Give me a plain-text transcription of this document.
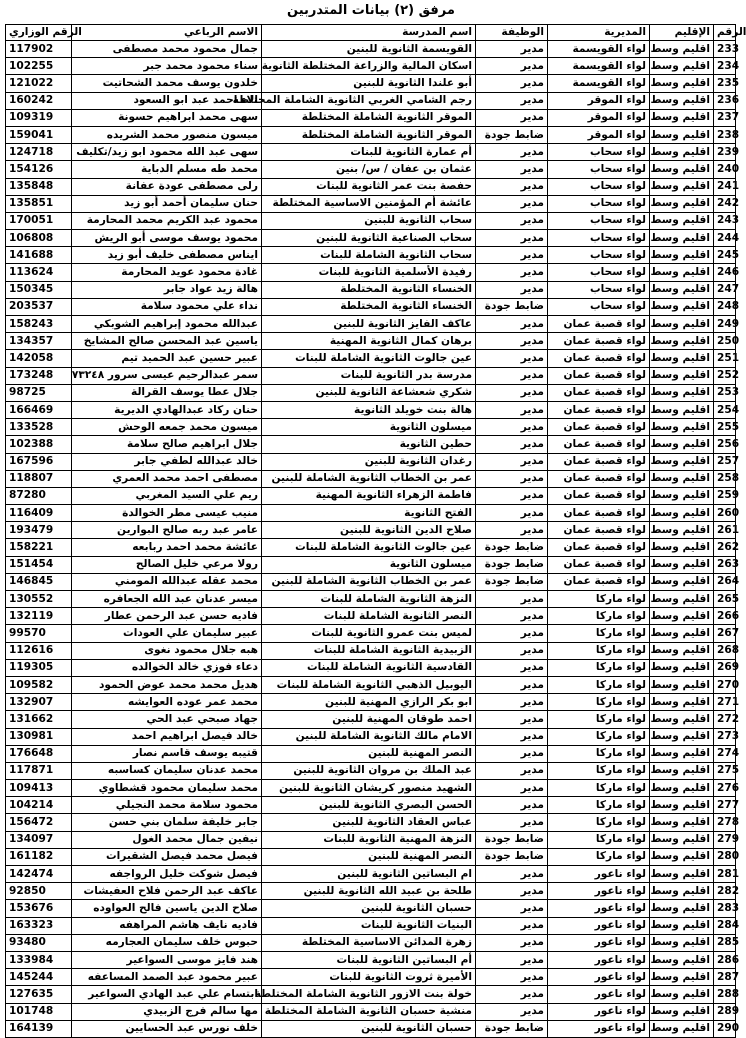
مرفق (٢) بيانات المتدربين
الرقم	الإقليم	المديرية	الوظيفة	اسم المدرسة	الاسم الرباعي	الرقم الوزاري
233	اقليم وسط	لواء القويسمة	مدير	القويسمة الثانوية للبنين	جمال محمود محمد مصطفى	117902
234	اقليم وسط	لواء القويسمة	مدير	اسكان المالية والزراعة المختلطة الثانوية	سناء محمود محمد جبر	102255
235	اقليم وسط	لواء القويسمة	مدير	أبو علندا الثانوية للبنين	خلدون يوسف محمد الشحاتيت	121022
236	اقليم وسط	لواء الموقر	مدير	رجم الشامي الغربي الثانوية الشاملة المختلطة	الاء احمد عبد ابو السعود	160242
237	اقليم وسط	لواء الموقر	مدير	الموقر الثانوية الشاملة المختلطة	سهى محمد ابراهيم حسونة	109319
238	اقليم وسط	لواء الموقر	ضابط جودة	الموقر الثانوية الشاملة المختلطة	ميسون منصور محمد الشريده	159041
239	اقليم وسط	لواء سحاب	مدير	أم عمارة الثانوية للبنات	سهى عبد الله محمود ابو زيد/تكليف	124718
240	اقليم وسط	لواء سحاب	مدير	عثمان بن عفان / س/ بنين	محمد طه مسلم الدباية	154126
241	اقليم وسط	لواء سحاب	مدير	حفصة بنت عمر الثانوية للبنات	رلى مصطفى عودة عفانة	135848
242	اقليم وسط	لواء سحاب	مدير	عائشة أم المؤمنين الاساسية المختلطة	حنان سليمان أحمد أبو زيد	135851
243	اقليم وسط	لواء سحاب	مدير	سحاب الثانوية للبنين	محمود عبد الكريم محمد المحارمة	170051
244	اقليم وسط	لواء سحاب	مدير	سحاب الصناعية الثانوية للبنين	محمود يوسف موسى أبو الريش	106808
245	اقليم وسط	لواء سحاب	مدير	سحاب الثانوية الشاملة للبنات	ايناس مصطفى خليف أبو زيد	141688
246	اقليم وسط	لواء سحاب	مدير	رفيدة الأسلمية الثانوية للبنات	غادة محمود عويد المحارمة	113624
247	اقليم وسط	لواء سحاب	مدير	الخنساء الثانوية المختلطة	هالة زيد عواد جابر	150345
248	اقليم وسط	لواء سحاب	ضابط جودة	الخنساء الثانوية المختلطة	نداء علي محمود سلامة	203537
249	اقليم وسط	لواء قصبة عمان	مدير	عاكف الفايز الثانوية للبنين	عبدالله محمود إبراهيم الشوبكي	158243
250	اقليم وسط	لواء قصبة عمان	مدير	برهان كمال الثانوية المهنية	ياسين عبد المحسن صالح المشايخ	134357
251	اقليم وسط	لواء قصبة عمان	مدير	عين جالوت الثانوية الشاملة للبنات	عبير حسين عبد الحميد تيم	142058
252	اقليم وسط	لواء قصبة عمان	مدير	مدرسة بدر الثانوية للبنات	سمر عبدالرحيم عيسى سرور ٧٣٢٤٨	173248
253	اقليم وسط	لواء قصبة عمان	مدير	شكري شعشاعة الثانوية للبنين	جلال عطا يوسف القرالة	98725
254	اقليم وسط	لواء قصبة عمان	مدير	هالة بنت خويلد الثانوية	حنان ركاد عبدالهادي الديرية	166469
255	اقليم وسط	لواء قصبة عمان	مدير	ميسلون الثانوية	ميسون محمد جمعه الوحش	133528
256	اقليم وسط	لواء قصبة عمان	مدير	حطين الثانوية	جلال ابراهيم صالح سلامة	102388
257	اقليم وسط	لواء قصبة عمان	مدير	رغدان الثانوية للبنين	خالد عبدالله لطفي جابر	167596
258	اقليم وسط	لواء قصبة عمان	مدير	عمر بن الخطاب الثانوية الشاملة للبنين	مصطفى احمد محمد العمري	118807
259	اقليم وسط	لواء قصبة عمان	مدير	فاطمة الزهراء الثانوية المهنية	ريم علي السيد المغربي	87280
260	اقليم وسط	لواء قصبة عمان	مدير	الفتح الثانوية	منيب عيسى مطر الخوالدة	116409
261	اقليم وسط	لواء قصبة عمان	مدير	صلاح الدين الثانوية للبنين	عامر عبد ربه صالح البوارين	193479
262	اقليم وسط	لواء قصبة عمان	ضابط جودة	عين جالوت الثانوية الشاملة للبنات	عائشة محمد احمد ربابعه	158221
263	اقليم وسط	لواء قصبة عمان	ضابط جودة	ميسلون الثانوية	رولا مرعي خليل الصالح	151454
264	اقليم وسط	لواء قصبة عمان	ضابط جودة	عمر بن الخطاب الثانوية الشاملة للبنين	محمد عقله عبدالله المومني	146845
265	اقليم وسط	لواء ماركا	مدير	النزهة الثانوية الشاملة للبنات	ميسر عدنان عبد الله الجعافره	130552
266	اقليم وسط	لواء ماركا	مدير	النصر الثانوية الشاملة للبنات	فاديه حسن عبد الرحمن عطار	132119
267	اقليم وسط	لواء ماركا	مدير	لميس بنت عمرو الثانوية للبنات	عبير سليمان علي العودات	99570
268	اقليم وسط	لواء ماركا	مدير	الزبيدية الثانوية الشاملة للبنات	هبه جلال محمود نغوى	112616
269	اقليم وسط	لواء ماركا	مدير	القادسية الثانوية الشاملة للبنات	دعاء فوزي خالد الخوالده	119305
270	اقليم وسط	لواء ماركا	مدير	اليوبيل الذهبي الثانوية الشاملة للبنات	هديل محمد محمد عوض الحمود	109582
271	اقليم وسط	لواء ماركا	مدير	ابو بكر الرازي المهنية للبنين	محمد عمر عوده العوايشه	132907
272	اقليم وسط	لواء ماركا	مدير	احمد طوقان المهنية للبنين	جهاد صبحي عبد الحي	131662
273	اقليم وسط	لواء ماركا	مدير	الامام مالك الثانوية الشاملة للبنين	خالد فيصل ابراهيم احمد	130981
274	اقليم وسط	لواء ماركا	مدير	النصر المهنية للبنين	قتيبه يوسف قاسم نصار	176648
275	اقليم وسط	لواء ماركا	مدير	عبد الملك بن مروان الثانوية للبنين	محمد عدنان سليمان كساسبه	117871
276	اقليم وسط	لواء ماركا	مدير	الشهيد منصور كريشان الثانوية للبنين	محمد سليمان محمود قشطاوي	109413
277	اقليم وسط	لواء ماركا	مدير	الحسن البصري الثانوية للبنين	محمود سلامة محمد النجيلي	104214
278	اقليم وسط	لواء ماركا	مدير	عباس العقاد الثانوية للبنين	جابر خليفة سلمان بني حسن	156472
279	اقليم وسط	لواء ماركا	ضابط جودة	النزهة المهنية الثانوية للبنات	نيفين جمال محمد الغول	134097
280	اقليم وسط	لواء ماركا	ضابط جودة	النصر المهنية للبنين	فيصل محمد فيصل الشقيرات	161182
281	اقليم وسط	لواء ناعور	مدير	ام البساتين الثانوية للبنين	فيصل شوكت خليل الرواجفه	142474
282	اقليم وسط	لواء ناعور	مدير	طلحة بن عبيد الله الثانوية للبنين	عاكف عبد الرحمن فلاح العفيشات	92850
283	اقليم وسط	لواء ناعور	مدير	حسبان الثانوية للبنين	صلاح الدين ياسين فالح العواوده	153676
284	اقليم وسط	لواء ناعور	مدير	البنيات الثانوية للبنات	فاديه نايف هاشم المراهفه	163323
285	اقليم وسط	لواء ناعور	مدير	زهرة المدائن الاساسية المختلطة	حبوس خلف سليمان العجارمه	93480
286	اقليم وسط	لواء ناعور	مدير	أم البساتين الثانوية للبنات	هند فايز موسى السواعير	133984
287	اقليم وسط	لواء ناعور	مدير	الأميرة ثروت الثانوية للبنات	عبير محمود عبد الصمد المساعفه	145244
288	اقليم وسط	لواء ناعور	مدير	خولة بنت الازور الثانوية الشاملة المختلطة	ابتسام علي عبد الهادي السواعير	127635
289	اقليم وسط	لواء ناعور	مدير	منشية حسبان الثانوية الشاملة المختلطة	مها سالم فرج الزبيدي	101748
290	اقليم وسط	لواء ناعور	ضابط جودة	حسبان الثانوية للبنين	خلف نورس عبد الحسايين	164139
